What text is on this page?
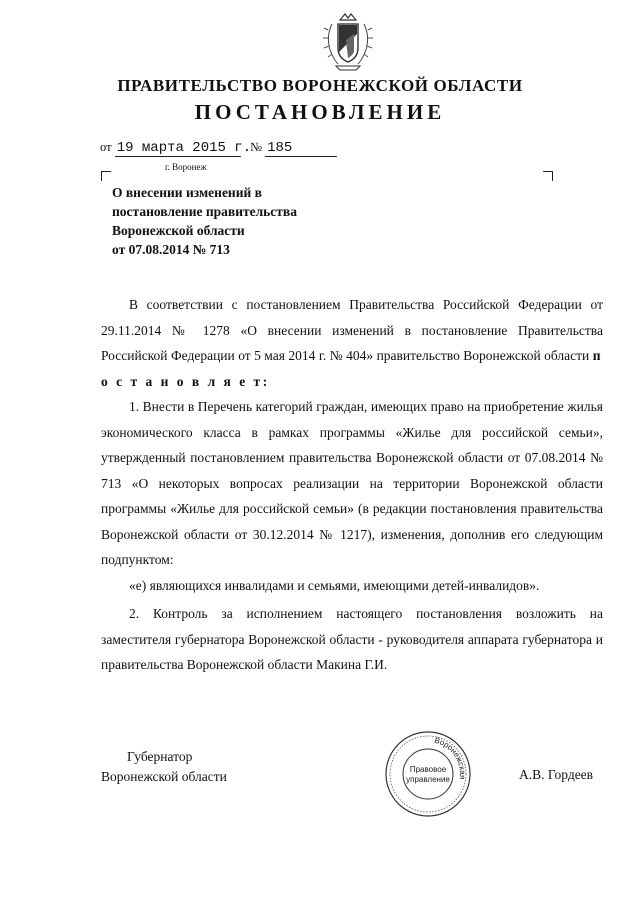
ПРАВИТЕЛЬСТВО ВОРОНЕЖСКОЙ ОБЛАСТИ
ПОСТАНОВЛЕНИЕ
от 19 марта 2015 г.   № 185
г. Воронеж
О внесении изменений в
постановление правительства
Воронежской области
от 07.08.2014 № 713

В соответствии с постановлением Правительства Российской Федерации от 29.11.2014 № 1278 «О внесении изменений в постановление Правительства Российской Федерации от 5 мая 2014 г. № 404» правительство Воронежской области п о с т а н о в л я е т:

1. Внести в Перечень категорий граждан, имеющих право на приобретение жилья экономического класса в рамках программы «Жилье для российской семьи», утвержденный постановлением правительства Воронежской области от 07.08.2014 № 713 «О некоторых вопросах реализации на территории Воронежской области программы «Жилье для российской семьи» (в редакции постановления правительства Воронежской области от 30.12.2014 № 1217), изменения, дополнив его следующим подпунктом:

«е) являющихся инвалидами и семьями, имеющими детей-инвалидов».

2. Контроль за исполнением настоящего постановления возложить на заместителя губернатора Воронежской области - руководителя аппарата губернатора и правительства Воронежской области Макина Г.И.

Губернатор
Воронежской области
Воронежская
Правовое
управление	А.В. Гордеев
